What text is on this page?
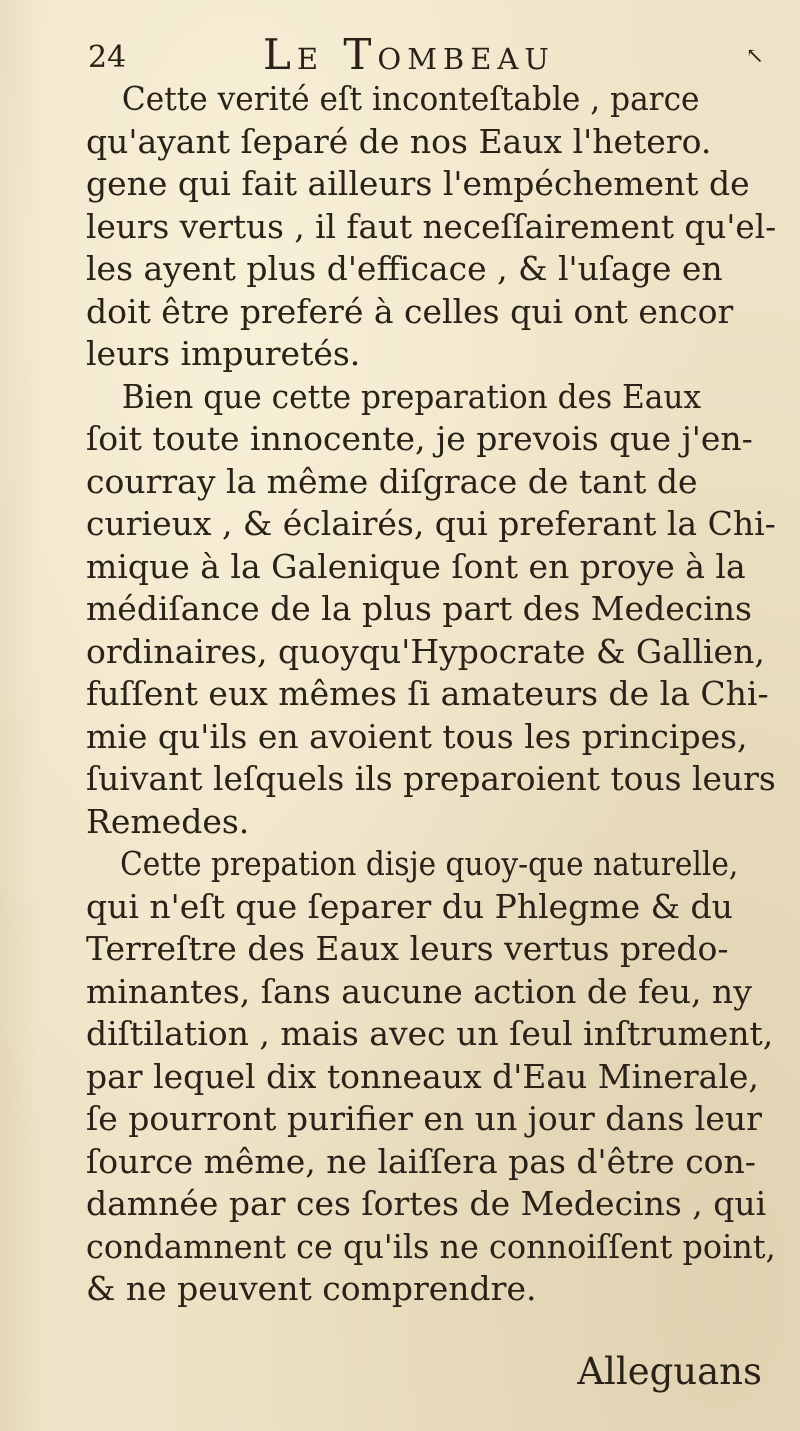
24	Le Tombeau	↖
Cette verité eſt inconteſtable , parce
qu'ayant ſeparé de nos Eaux l'hetero.
gene qui fait ailleurs l'empéchement de
leurs vertus , il faut neceſſairement qu'el-
les ayent plus d'efficace , & l'uſage en
doit être preferé à celles qui ont encor
leurs impuretés.
Bien que cette preparation des Eaux
ſoit toute innocente, je prevois que j'en-
courray la même diſgrace de tant de
curieux , & éclairés, qui preferant la Chi-
mique à la Galenique ſont en proye à la
médiſance de la plus part des Medecins
ordinaires, quoyqu'Hypocrate & Gallien,
fuſſent eux mêmes ſi amateurs de la Chi-
mie qu'ils en avoient tous les principes,
ſuivant leſquels ils preparoient tous leurs
Remedes.
Cette prepation disje quoy-que naturelle,
qui n'eſt que ſeparer du Phlegme & du
Terreſtre des Eaux leurs vertus predo-
minantes, ſans aucune action de feu, ny
diſtilation , mais avec un ſeul inſtrument,
par lequel dix tonneaux d'Eau Minerale,
ſe pourront purifier en un jour dans leur
ſource même, ne laiſſera pas d'être con-
damnée par ces ſortes de Medecins , qui
condamnent ce qu'ils ne connoiſſent point,
& ne peuvent comprendre.
Alleguans
